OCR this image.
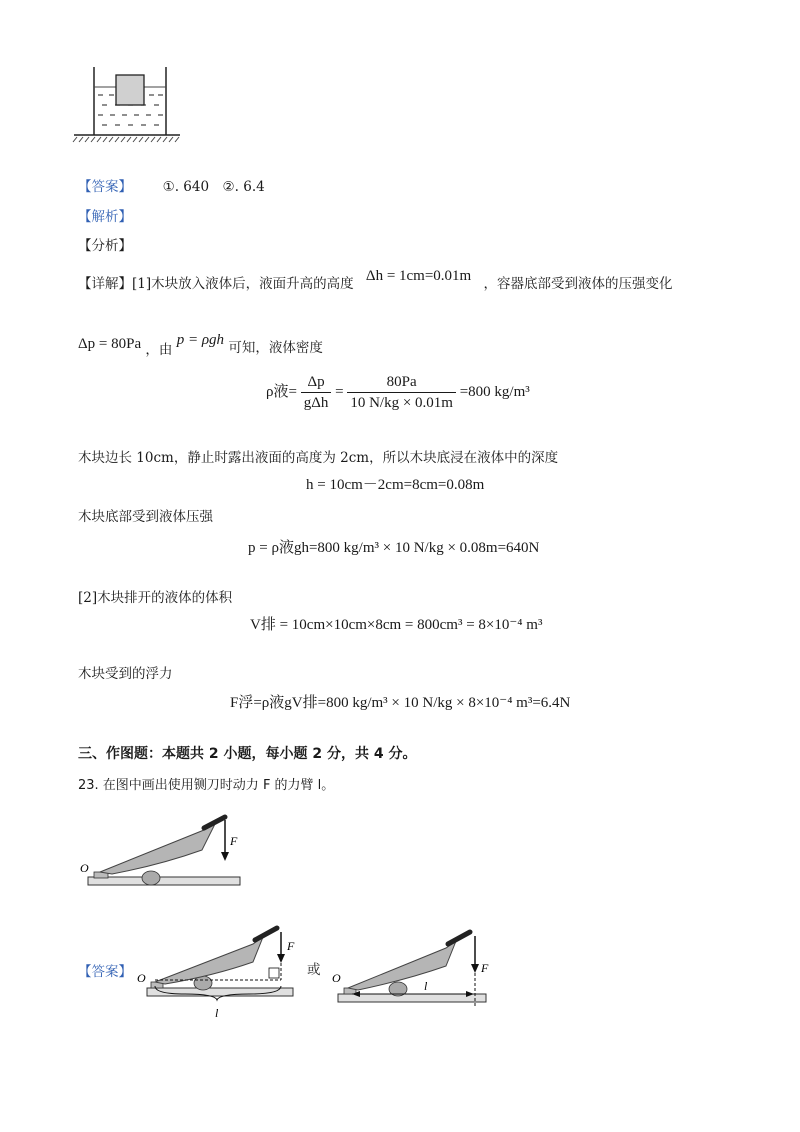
【答案】 ①. 640　②. 6.4
【解析】
【分析】
【详解】[1]木块放入液体后，液面升高的高度 Δh = 1cm=0.01m ，容器底部受到液体的压强变化
Δp = 80Pa ，由 p = ρgh 可知，液体密度
ρ液= $\frac{\Delta p}{\text{gΔh}} = \frac{80Pa}{10 N/kg \times 0.01m} =800$ kg/m³
木块边长 10cm，静止时露出液面的高度为 2cm，所以木块底浸在液体中的深度
h = 10cm－2cm=8cm=0.08m
木块底部受到液体压强
p = ρ液gh=800 kg/m³ × 10 N/kg × 0.08m=640N
[2]木块排开的液体的体积
V排 = 10cm×10cm×8cm = 800cm³ = 8×10⁻⁴ m³
木块受到的浮力
F浮=ρ液gV排=800 kg/m³ × 10 N/kg × 8×10⁻⁴ m³=6.4N
三、作图题：本题共 2 小题，每小题 2 分，共 4 分。
23. 在图中画出使用铡刀时动力 F 的力臂 l。
F
O
【答案】
F
O
l
或	F
O
l
